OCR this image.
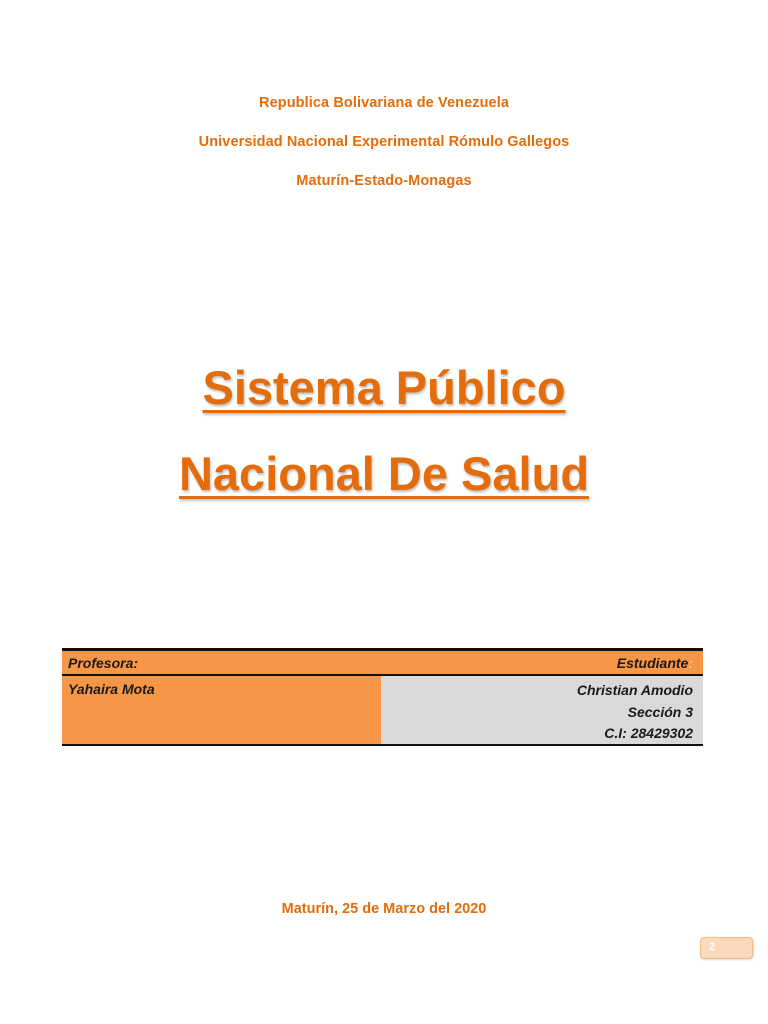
Republica Bolivariana de Venezuela
Universidad Nacional Experimental Rómulo Gallegos
Maturín-Estado-Monagas
Sistema Público
Nacional De Salud
Profesora:	Estudiante:
Yahaira Mota	Christian Amodio
Sección 3
C.I: 28429302
Maturín, 25 de Marzo del 2020
2
